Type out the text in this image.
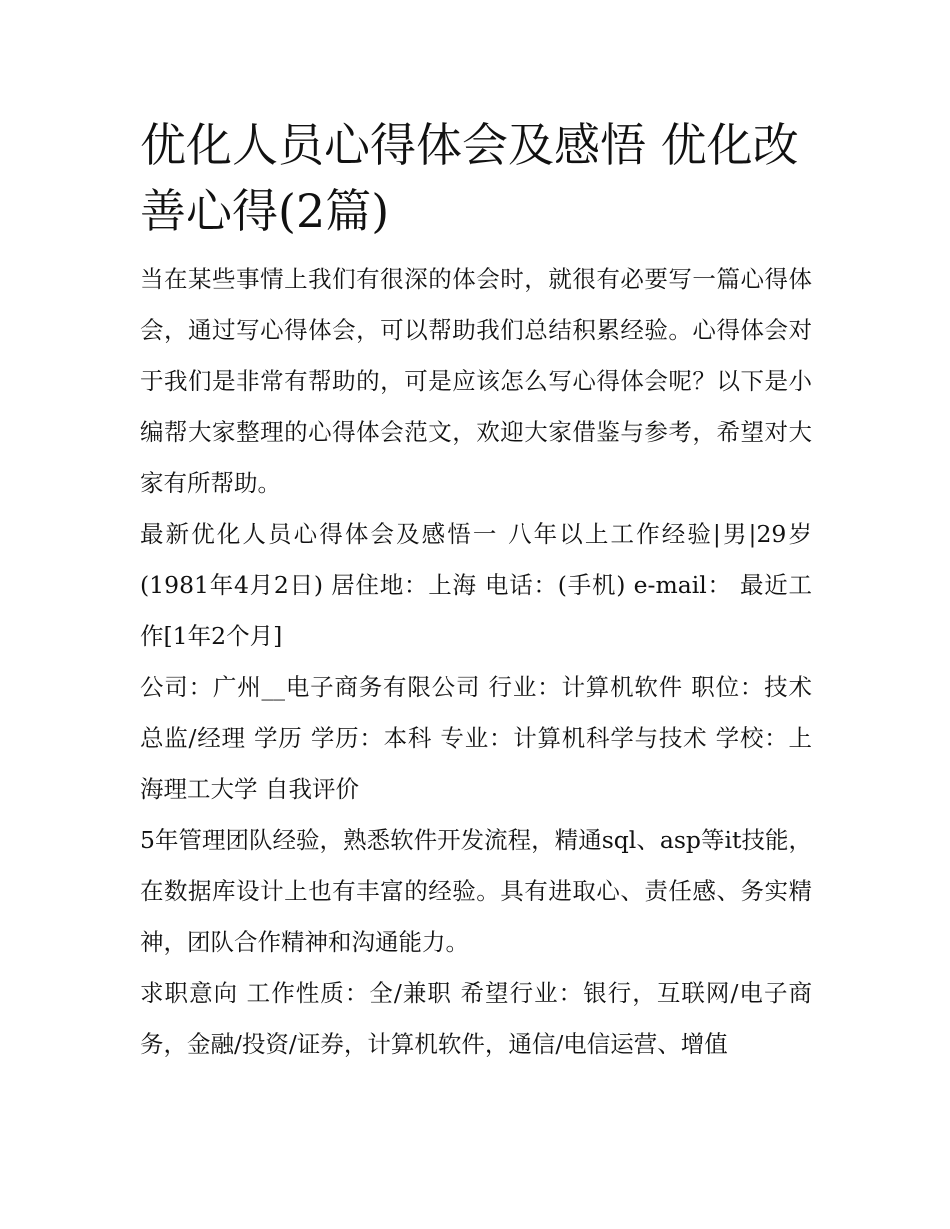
优化人员心得体会及感悟 优化改善心得(2篇)

当在某些事情上我们有很深的体会时，就很有必要写一篇心得体会，通过写心得体会，可以帮助我们总结积累经验。心得体会对于我们是非常有帮助的，可是应该怎么写心得体会呢？以下是小编帮大家整理的心得体会范文，欢迎大家借鉴与参考，希望对大家有所帮助。

最新优化人员心得体会及感悟一 八年以上工作经验|男|29岁(1981年4月2日) 居住地：上海 电话：(手机) e-mail： 最近工作[1年2个月]

公司：广州__电子商务有限公司 行业：计算机软件 职位：技术总监/经理 学历 学历：本科 专业：计算机科学与技术 学校：上海理工大学 自我评价

5年管理团队经验，熟悉软件开发流程，精通sql、asp等it技能，在数据库设计上也有丰富的经验。具有进取心、责任感、务实精神，团队合作精神和沟通能力。

求职意向 工作性质：全/兼职 希望行业：银行，互联网/电子商务，金融/投资/证券，计算机软件，通信/电信运营、增值
